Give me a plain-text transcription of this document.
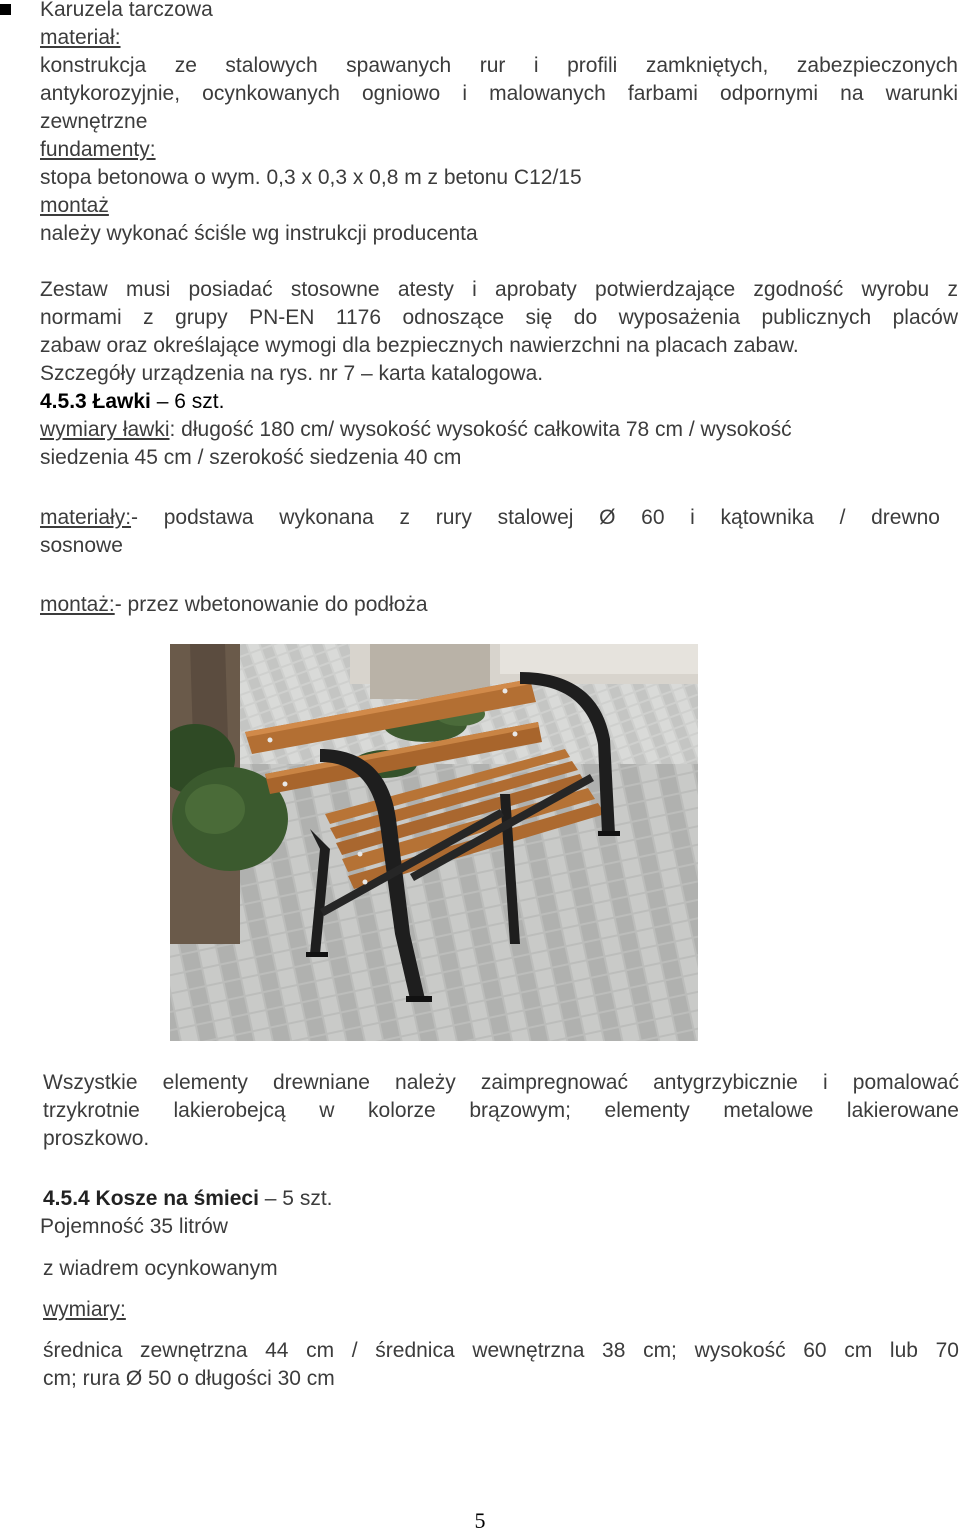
Karuzela tarczowa
materiał:
konstrukcja ze stalowych spawanych rur i profili zamkniętych, zabezpieczonych
antykorozyjnie, ocynkowanych ogniowo i malowanych farbami odpornymi na warunki
zewnętrzne
fundamenty:
stopa betonowa o wym. 0,3 x 0,3 x 0,8 m z betonu C12/15
montaż
należy wykonać ściśle wg instrukcji producenta
Zestaw musi posiadać stosowne atesty i aprobaty potwierdzające zgodność wyrobu z
normami z grupy PN-EN 1176 odnoszące się do wyposażenia publicznych placów
zabaw oraz określające wymogi dla bezpiecznych nawierzchni na placach zabaw.
Szczegóły urządzenia na rys. nr 7 – karta katalogowa.
4.5.3 Ławki – 6 szt.
wymiary ławki: długość 180 cm/ wysokość wysokość całkowita 78 cm / wysokość
siedzenia 45 cm / szerokość siedzenia 40 cm
materiały:- podstawa wykonana z rury stalowej Ø 60 i kątownika / drewno
sosnowe
montaż:- przez wbetonowanie do podłoża
Wszystkie elementy drewniane należy zaimpregnować antygrzybicznie i pomalować
trzykrotnie lakierobejcą w kolorze brązowym; elementy metalowe lakierowane
proszkowo.
4.5.4 Kosze na śmieci – 5 szt.
Pojemność 35 litrów
z wiadrem ocynkowanym
wymiary:
średnica zewnętrzna 44 cm / średnica wewnętrzna 38 cm; wysokość 60 cm lub 70
cm; rura Ø 50 o długości 30 cm
5
